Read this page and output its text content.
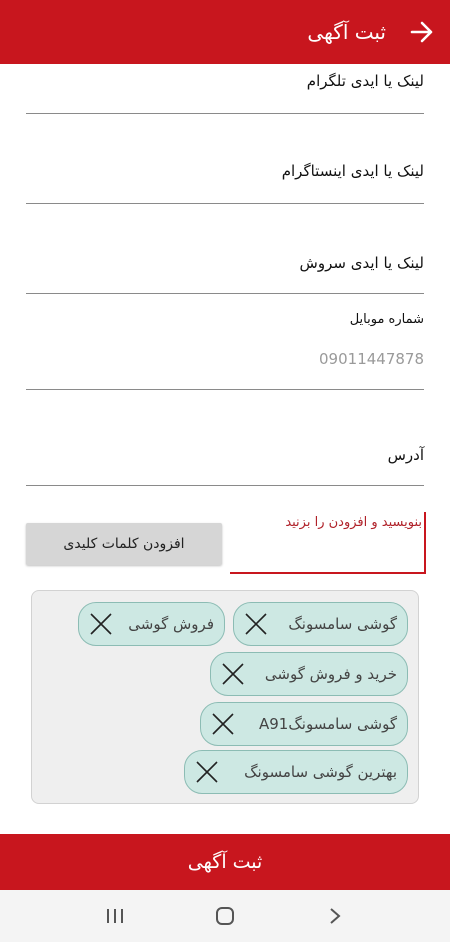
ثبت آگهی
لینک یا ایدی تلگرام
لینک یا ایدی اینستاگرام
لینک یا ایدی سروش
شماره موبایل
09011447878
آدرس
بنویسید و افزودن را بزنید
افزودن کلمات کلیدی
گوشی سامسونگ
فروش گوشی
خرید و فروش گوشی
گوشی سامسونگA91
بهترین گوشی سامسونگ
ثبت آگهی
